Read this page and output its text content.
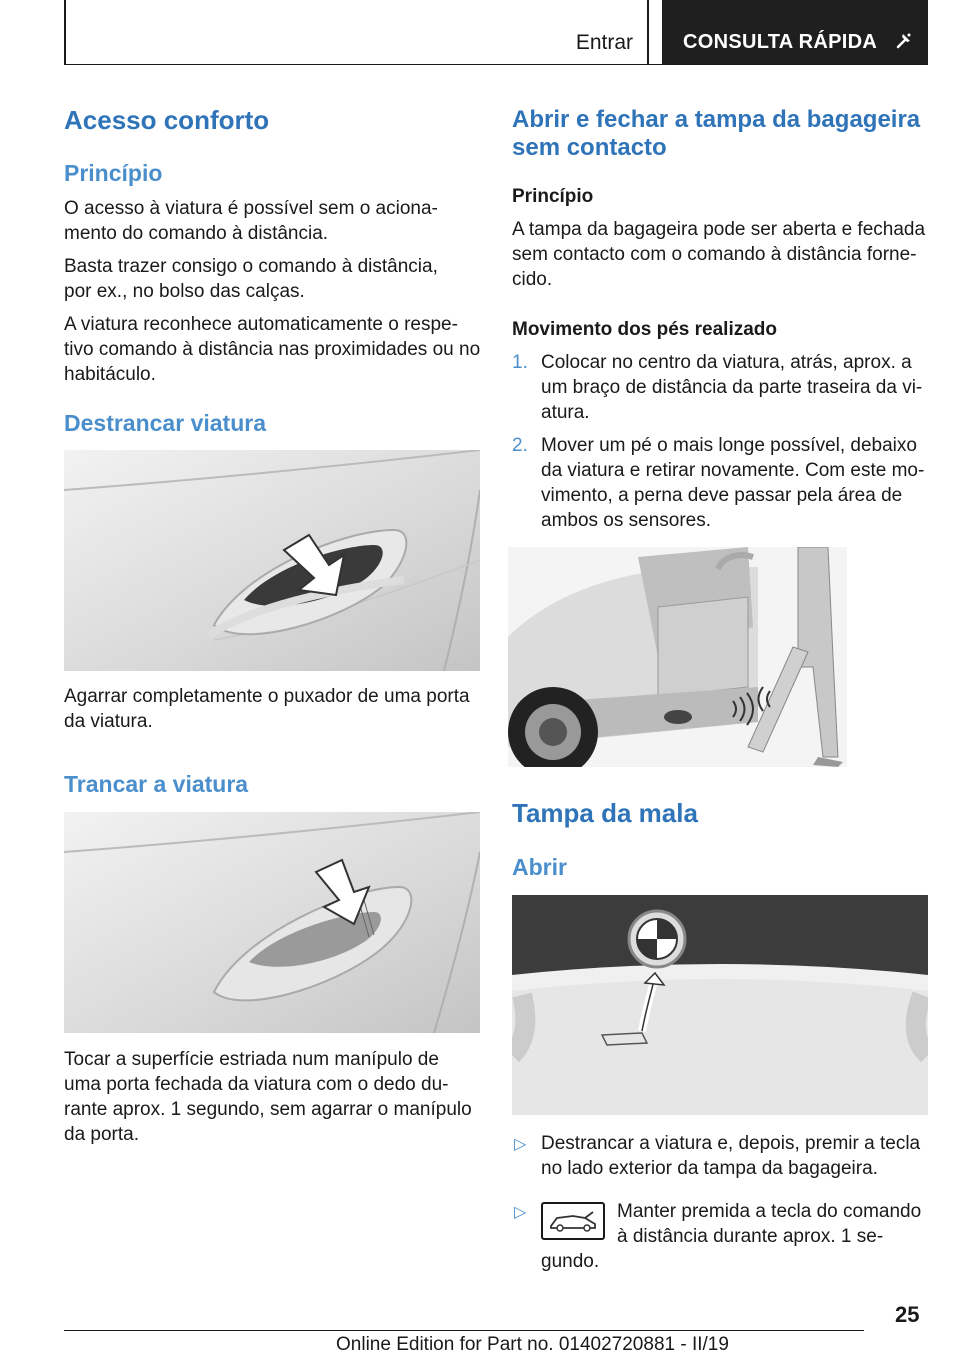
Entrar	CONSULTA RÁPIDA
Acesso conforto
Princípio

O acesso à viatura é possível sem o aciona-
mento do comando à distância.

Basta trazer consigo o comando à distância,
por ex., no bolso das calças.

A viatura reconhece automaticamente o respe-
tivo comando à distância nas proximidades ou no
habitáculo.

Destrancar viatura

Agarrar completamente o puxador de uma porta
da viatura.

Trancar a viatura

Tocar a superfície estriada num manípulo de
uma porta fechada da viatura com o dedo du-
rante aprox. 1 segundo, sem agarrar o manípulo
da porta.

Abrir e fechar a tampa da bagageira
sem contacto
Princípio

A tampa da bagageira pode ser aberta e fechada
sem contacto com o comando à distância forne-
cido.

Movimento dos pés realizado
1. Colocar no centro da viatura, atrás, aprox. a
um braço de distância da parte traseira da vi-
atura.
2. Mover um pé o mais longe possível, debaixo
da viatura e retirar novamente. Com este mo-
vimento, a perna deve passar pela área de
ambos os sensores.
Tampa da mala
Abrir
▷ Destrancar a viatura e, depois, premir a tecla
no lado exterior da tampa da bagageira.

▷	Manter premida a tecla do comando
à distância durante aprox. 1 se-

gundo.

25
Online Edition for Part no. 01402720881 - II/19
